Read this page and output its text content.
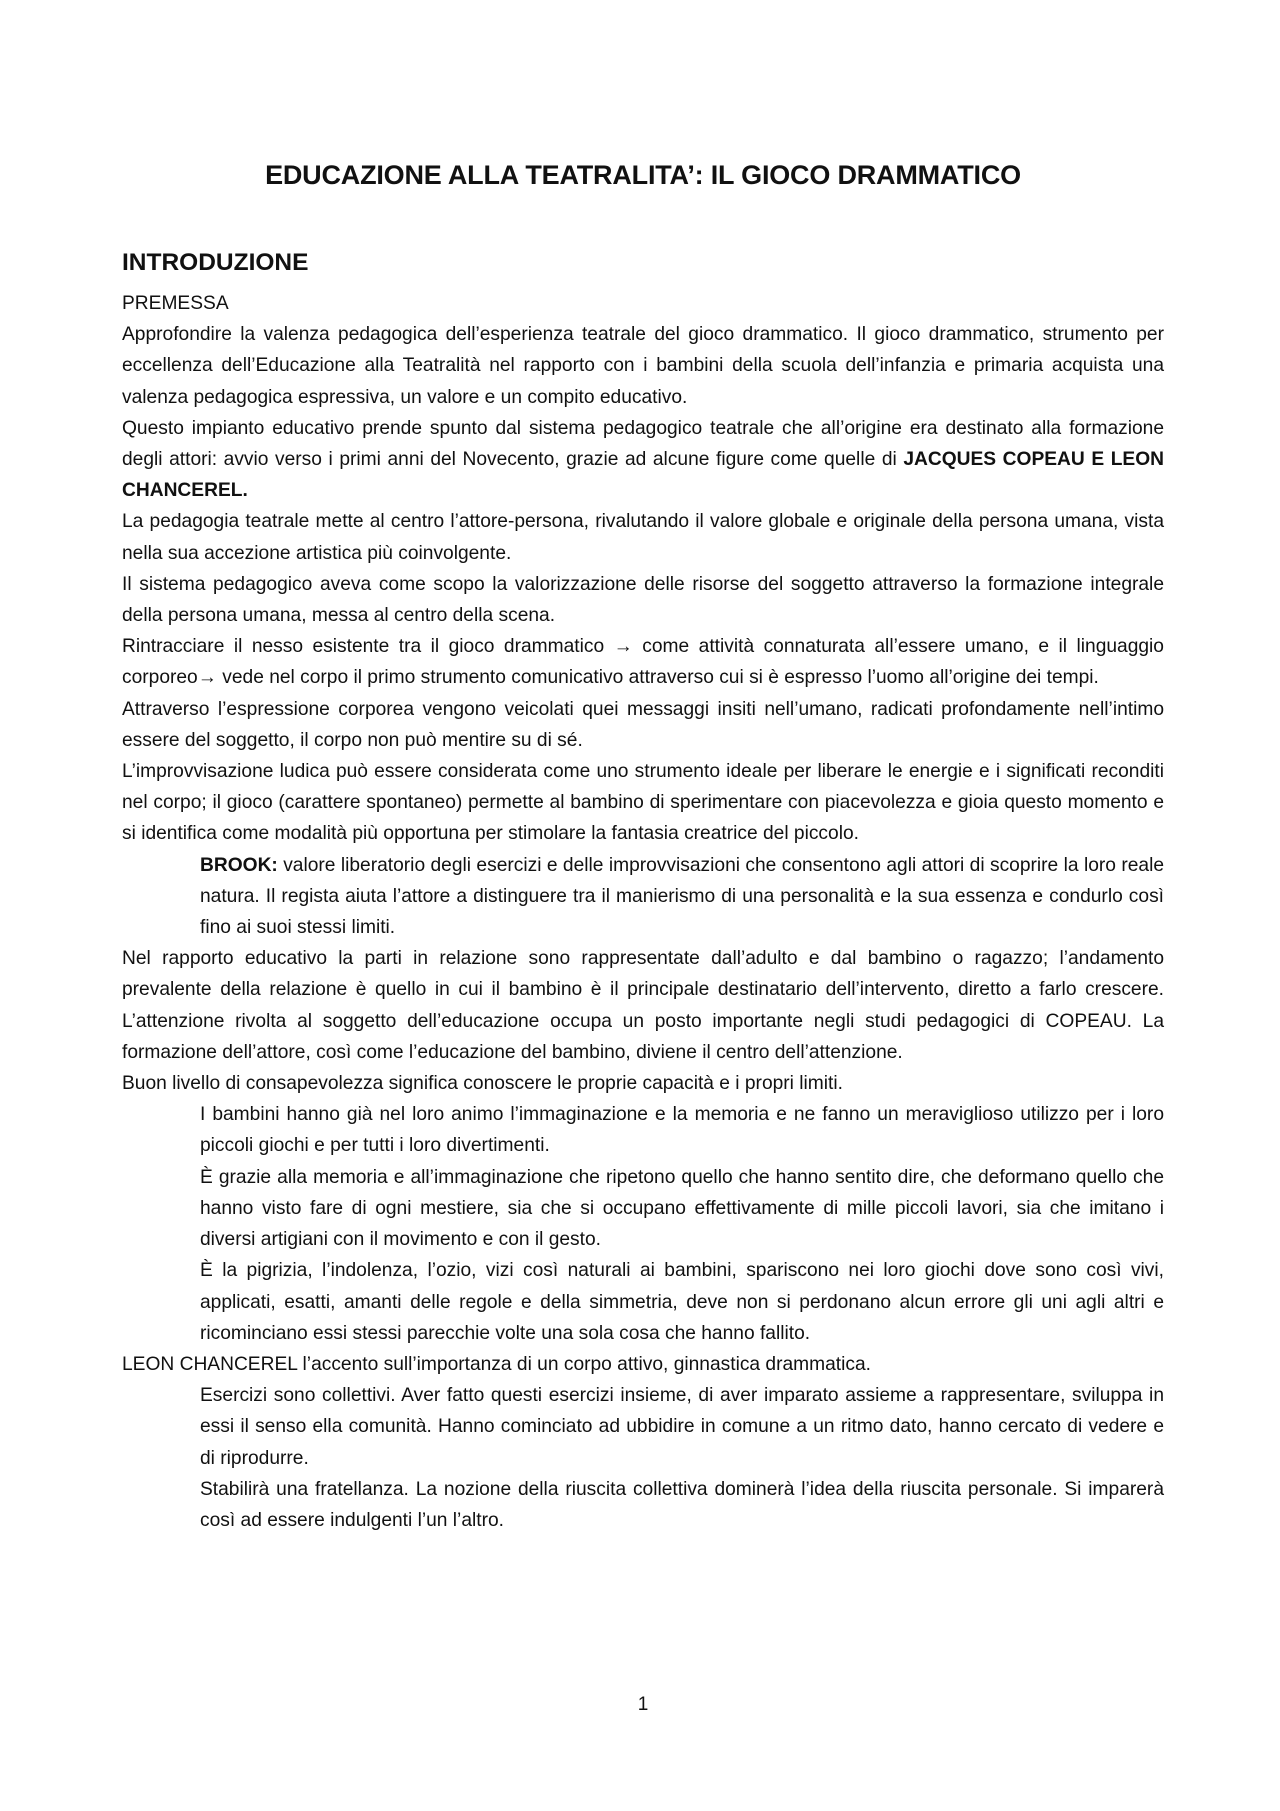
EDUCAZIONE ALLA TEATRALITA’: IL GIOCO DRAMMATICO
INTRODUZIONE

PREMESSA

Approfondire la valenza pedagogica dell’esperienza teatrale del gioco drammatico. Il gioco drammatico, strumento per eccellenza dell’Educazione alla Teatralità nel rapporto con i bambini della scuola dell’infanzia e primaria acquista una valenza pedagogica espressiva, un valore e un compito educativo.

Questo impianto educativo prende spunto dal sistema pedagogico teatrale che all’origine era destinato alla formazione degli attori: avvio verso i primi anni del Novecento, grazie ad alcune figure come quelle di JACQUES COPEAU E LEON CHANCEREL.

La pedagogia teatrale mette al centro l’attore-persona, rivalutando il valore globale e originale della persona umana, vista nella sua accezione artistica più coinvolgente.

Il sistema pedagogico aveva come scopo la valorizzazione delle risorse del soggetto attraverso la formazione integrale della persona umana, messa al centro della scena.

Rintracciare il nesso esistente tra il gioco drammatico → come attività connaturata all’essere umano, e il linguaggio corporeo→ vede nel corpo il primo strumento comunicativo attraverso cui si è espresso l’uomo all’origine dei tempi.

Attraverso l’espressione corporea vengono veicolati quei messaggi insiti nell’umano, radicati profondamente nell’intimo essere del soggetto, il corpo non può mentire su di sé.

L’improvvisazione ludica può essere considerata come uno strumento ideale per liberare le energie e i significati reconditi nel corpo; il gioco (carattere spontaneo) permette al bambino di sperimentare con piacevolezza e gioia questo momento e si identifica come modalità più opportuna per stimolare la fantasia creatrice del piccolo.

BROOK: valore liberatorio degli esercizi e delle improvvisazioni che consentono agli attori di scoprire la loro reale natura. Il regista aiuta l’attore a distinguere tra il manierismo di una personalità e la sua essenza e condurlo così fino ai suoi stessi limiti.

Nel rapporto educativo la parti in relazione sono rappresentate dall’adulto e dal bambino o ragazzo; l’andamento prevalente della relazione è quello in cui il bambino è il principale destinatario dell’intervento, diretto a farlo crescere. L’attenzione rivolta al soggetto dell’educazione occupa un posto importante negli studi pedagogici di COPEAU. La formazione dell’attore, così come l’educazione del bambino, diviene il centro dell’attenzione.

Buon livello di consapevolezza significa conoscere le proprie capacità e i propri limiti.

I bambini hanno già nel loro animo l’immaginazione e la memoria e ne fanno un meraviglioso utilizzo per i loro piccoli giochi e per tutti i loro divertimenti.

È grazie alla memoria e all’immaginazione che ripetono quello che hanno sentito dire, che deformano quello che hanno visto fare di ogni mestiere, sia che si occupano effettivamente di mille piccoli lavori, sia che imitano i diversi artigiani con il movimento e con il gesto.

È la pigrizia, l’indolenza, l’ozio, vizi così naturali ai bambini, spariscono nei loro giochi dove sono così vivi, applicati, esatti, amanti delle regole e della simmetria, deve non si perdonano alcun errore gli uni agli altri e ricominciano essi stessi parecchie volte una sola cosa che hanno fallito.

LEON CHANCEREL l’accento sull’importanza di un corpo attivo, ginnastica drammatica.

Esercizi sono collettivi. Aver fatto questi esercizi insieme, di aver imparato assieme a rappresentare, sviluppa in essi il senso ella comunità. Hanno cominciato ad ubbidire in comune a un ritmo dato, hanno cercato di vedere e di riprodurre.

Stabilirà una fratellanza. La nozione della riuscita collettiva dominerà l’idea della riuscita personale. Si imparerà così ad essere indulgenti l’un l’altro.

1
